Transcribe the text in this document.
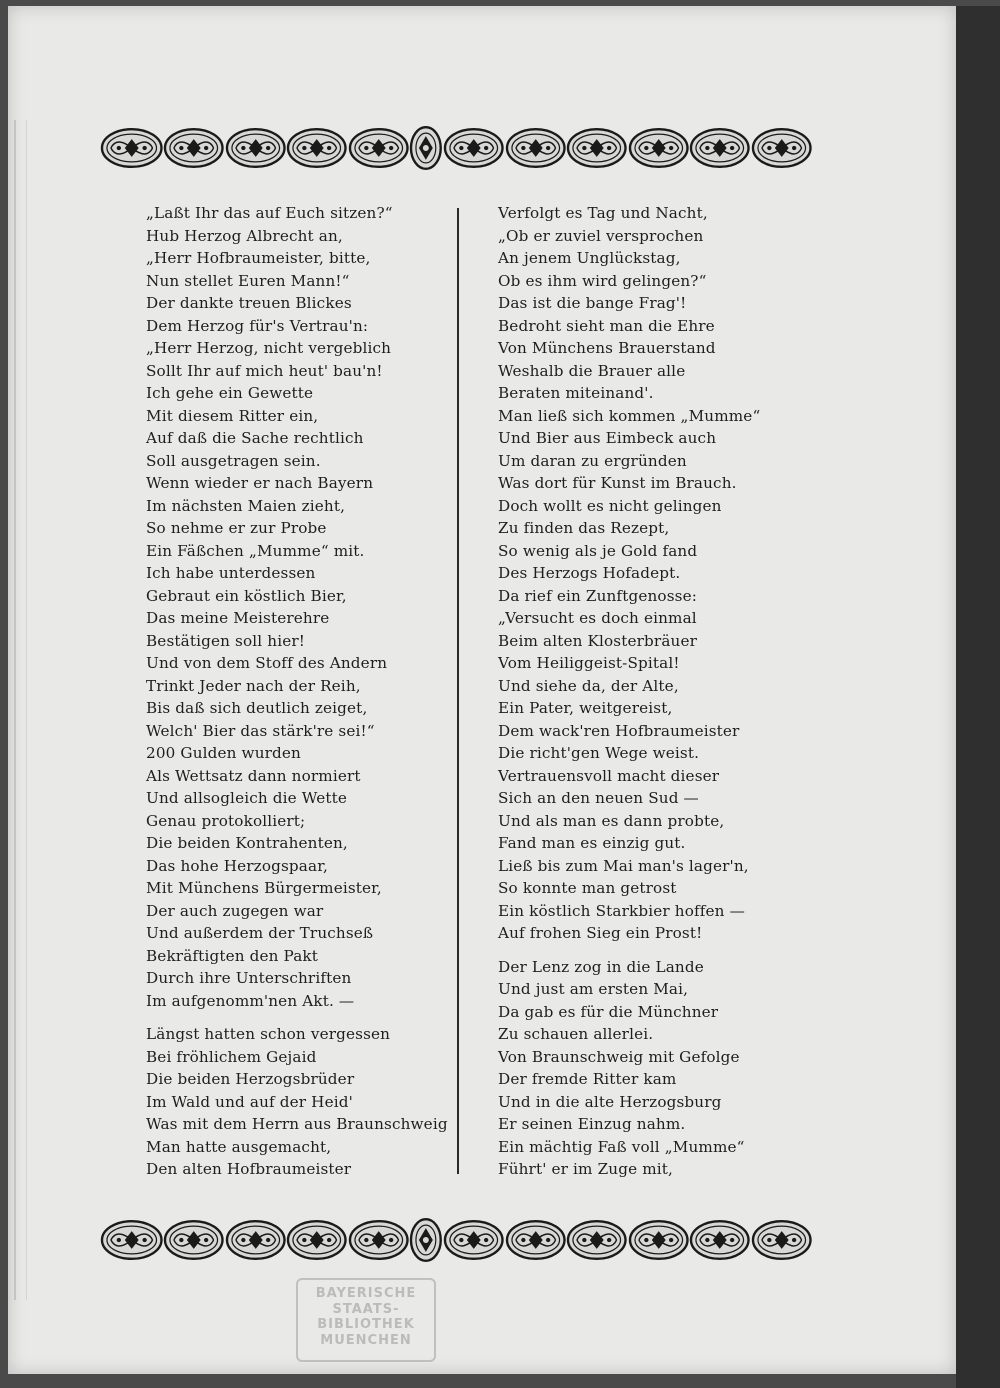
„Laßt Ihr das auf Euch sitzen?“
Hub Herzog Albrecht an,
„Herr Hofbraumeister, bitte,
Nun stellet Euren Mann!“
Der dankte treuen Blickes
Dem Herzog für's Vertrau'n:
„Herr Herzog, nicht vergeblich
Sollt Ihr auf mich heut' bau'n!
Ich gehe ein Gewette
Mit diesem Ritter ein,
Auf daß die Sache rechtlich
Soll ausgetragen sein.
Wenn wieder er nach Bayern
Im nächsten Maien zieht,
So nehme er zur Probe
Ein Fäßchen „Mumme“ mit.
Ich habe unterdessen
Gebraut ein köstlich Bier,
Das meine Meisterehre
Bestätigen soll hier!
Und von dem Stoff des Andern
Trinkt Jeder nach der Reih,
Bis daß sich deutlich zeiget,
Welch' Bier das stärk're sei!“
200 Gulden wurden
Als Wettsatz dann normiert
Und allsogleich die Wette
Genau protokolliert;
Die beiden Kontrahenten,
Das hohe Herzogspaar,
Mit Münchens Bürgermeister,
Der auch zugegen war
Und außerdem der Truchseß
Bekräftigten den Pakt
Durch ihre Unterschriften
Im aufgenomm'nen Akt. —
Längst hatten schon vergessen
Bei fröhlichem Gejaid
Die beiden Herzogsbrüder
Im Wald und auf der Heid'
Was mit dem Herrn aus Braunschweig
Man hatte ausgemacht,
Den alten Hofbraumeister
Verfolgt es Tag und Nacht,
„Ob er zuviel versprochen
An jenem Unglückstag,
Ob es ihm wird gelingen?“
Das ist die bange Frag'!
Bedroht sieht man die Ehre
Von Münchens Brauerstand
Weshalb die Brauer alle
Beraten miteinand'.
Man ließ sich kommen „Mumme“
Und Bier aus Eimbeck auch
Um daran zu ergründen
Was dort für Kunst im Brauch.
Doch wollt es nicht gelingen
Zu finden das Rezept,
So wenig als je Gold fand
Des Herzogs Hofadept.
Da rief ein Zunftgenosse:
„Versucht es doch einmal
Beim alten Klosterbräuer
Vom Heiliggeist-Spital!
Und siehe da, der Alte,
Ein Pater, weitgereist,
Dem wack'ren Hofbraumeister
Die richt'gen Wege weist.
Vertrauensvoll macht dieser
Sich an den neuen Sud —
Und als man es dann probte,
Fand man es einzig gut.
Ließ bis zum Mai man's lager'n,
So konnte man getrost
Ein köstlich Starkbier hoffen —
Auf frohen Sieg ein Prost!
Der Lenz zog in die Lande
Und just am ersten Mai,
Da gab es für die Münchner
Zu schauen allerlei.
Von Braunschweig mit Gefolge
Der fremde Ritter kam
Und in die alte Herzogsburg
Er seinen Einzug nahm.
Ein mächtig Faß voll „Mumme“
Führt' er im Zuge mit,
BAYERISCHE
STAATS-
BIBLIOTHEK
MUENCHEN
